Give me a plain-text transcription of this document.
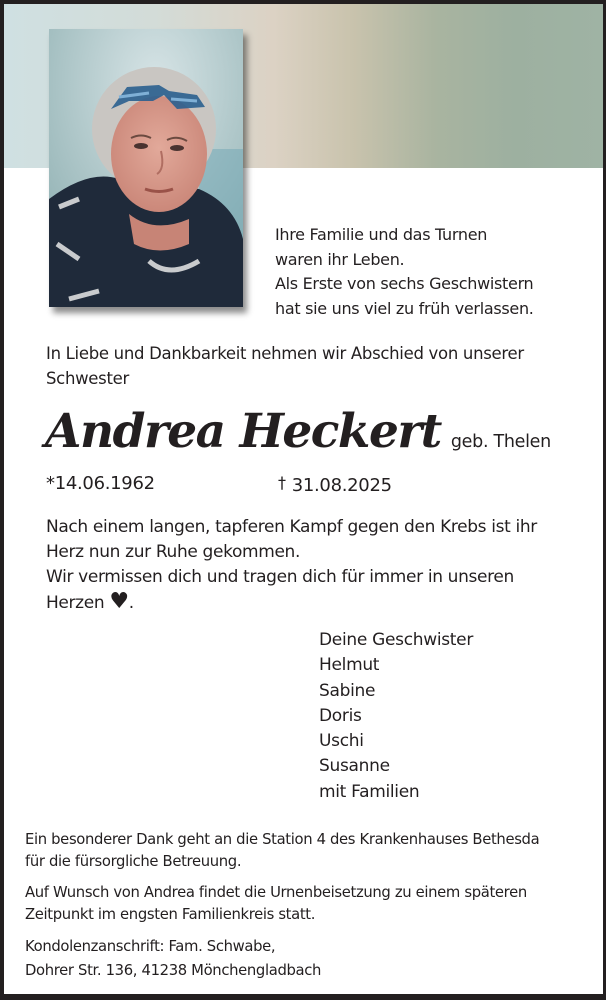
Ihre Familie und das Turnen
waren ihr Leben.
Als Erste von sechs Geschwistern
hat sie uns viel zu früh verlassen.
In Liebe und Dankbarkeit nehmen wir Abschied von unserer
Schwester
Andrea Heckert geb. Thelen
*14.06.1962	† 31.08.2025
Nach einem langen, tapferen Kampf gegen den Krebs ist ihr
Herz nun zur Ruhe gekommen.
Wir vermissen dich und tragen dich für immer in unseren
Herzen ♥.
Deine Geschwister
Helmut
Sabine
Doris
Uschi
Susanne
mit Familien
Ein besonderer Dank geht an die Station 4 des Krankenhauses Bethesda
für die fürsorgliche Betreuung.
Auf Wunsch von Andrea findet die Urnenbeisetzung zu einem späteren
Zeitpunkt im engsten Familienkreis statt.
Kondolenzanschrift: Fam. Schwabe,
Dohrer Str. 136, 41238 Mönchengladbach
